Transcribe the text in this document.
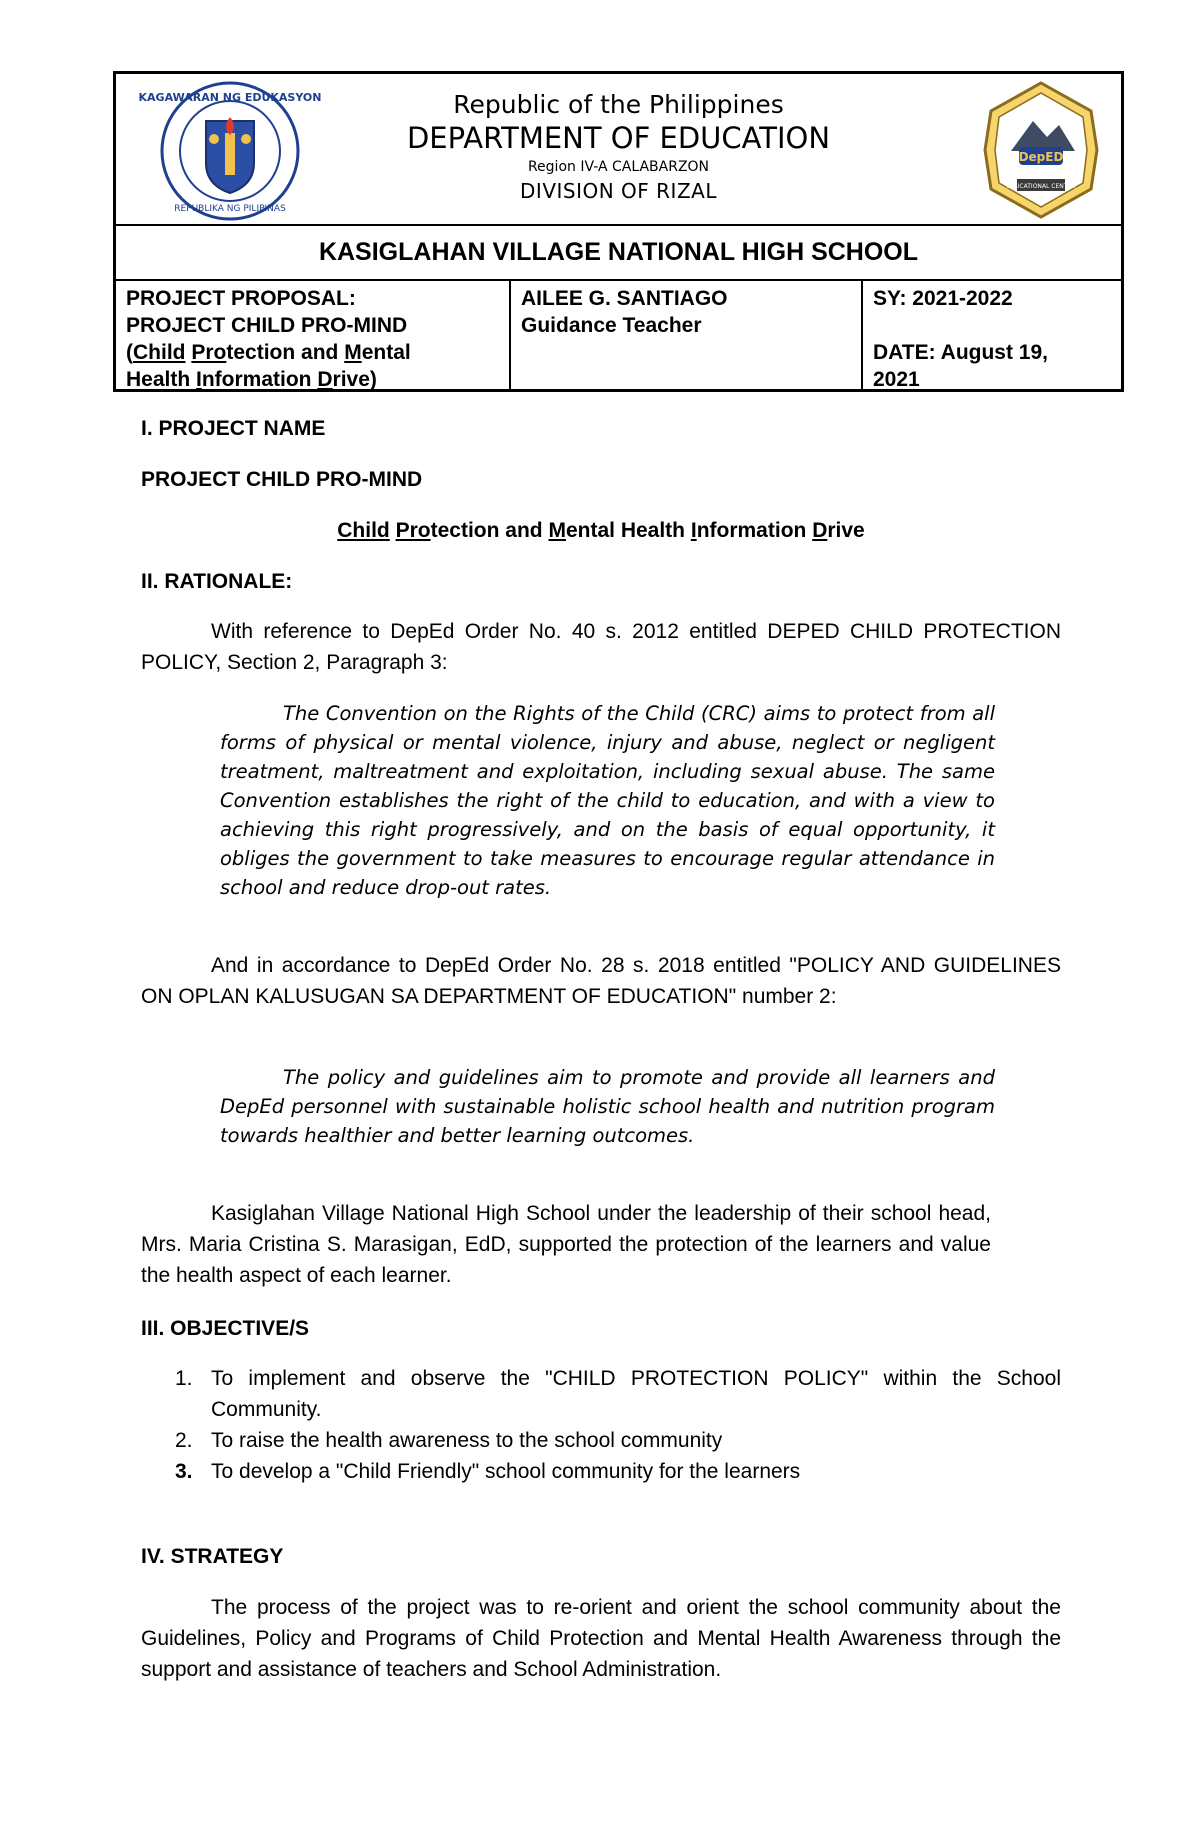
KAGAWARAN NG EDUKASYON
REPUBLIKA NG PILIPINAS
Republic of the Philippines
DEPARTMENT OF EDUCATION
Region IV-A CALABARZON
DIVISION OF RIZAL
DepED
EDUCATIONAL CENTER
KASIGLAHAN VILLAGE NATIONAL HIGH SCHOOL
PROJECT PROPOSAL:
PROJECT CHILD PRO-MIND
(Child Protection and Mental
Health Information Drive)
AILEE G. SANTIAGO
Guidance Teacher
SY: 2021-2022
DATE: August 19,
2021

I. PROJECT NAME

PROJECT CHILD PRO-MIND

Child Protection and Mental Health Information Drive

II. RATIONALE:

With reference to DepEd Order No. 40 s. 2012 entitled DEPED CHILD PROTECTION POLICY, Section 2, Paragraph 3:

The Convention on the Rights of the Child (CRC) aims to protect from all forms of physical or mental violence, injury and abuse, neglect or negligent treatment, maltreatment and exploitation, including sexual abuse. The same Convention establishes the right of the child to education, and with a view to achieving this right progressively, and on the basis of equal opportunity, it obliges the government to take measures to encourage regular attendance in school and reduce drop-out rates.

And in accordance to DepEd Order No. 28 s. 2018 entitled "POLICY AND GUIDELINES ON OPLAN KALUSUGAN SA DEPARTMENT OF EDUCATION" number 2:

The policy and guidelines aim to promote and provide all learners and DepEd personnel with sustainable holistic school health and nutrition program towards healthier and better learning outcomes.

Kasiglahan Village National High School under the leadership of their school head, Mrs. Maria Cristina S. Marasigan, EdD, supported the protection of the learners and value the health aspect of each learner.

III. OBJECTIVE/S

1. To implement and observe the "CHILD PROTECTION POLICY" within the School Community.
2. To raise the health awareness to the school community
3. To develop a "Child Friendly" school community for the learners

IV. STRATEGY

The process of the project was to re-orient and orient the school community about the Guidelines, Policy and Programs of Child Protection and Mental Health Awareness through the support and assistance of teachers and School Administration.
